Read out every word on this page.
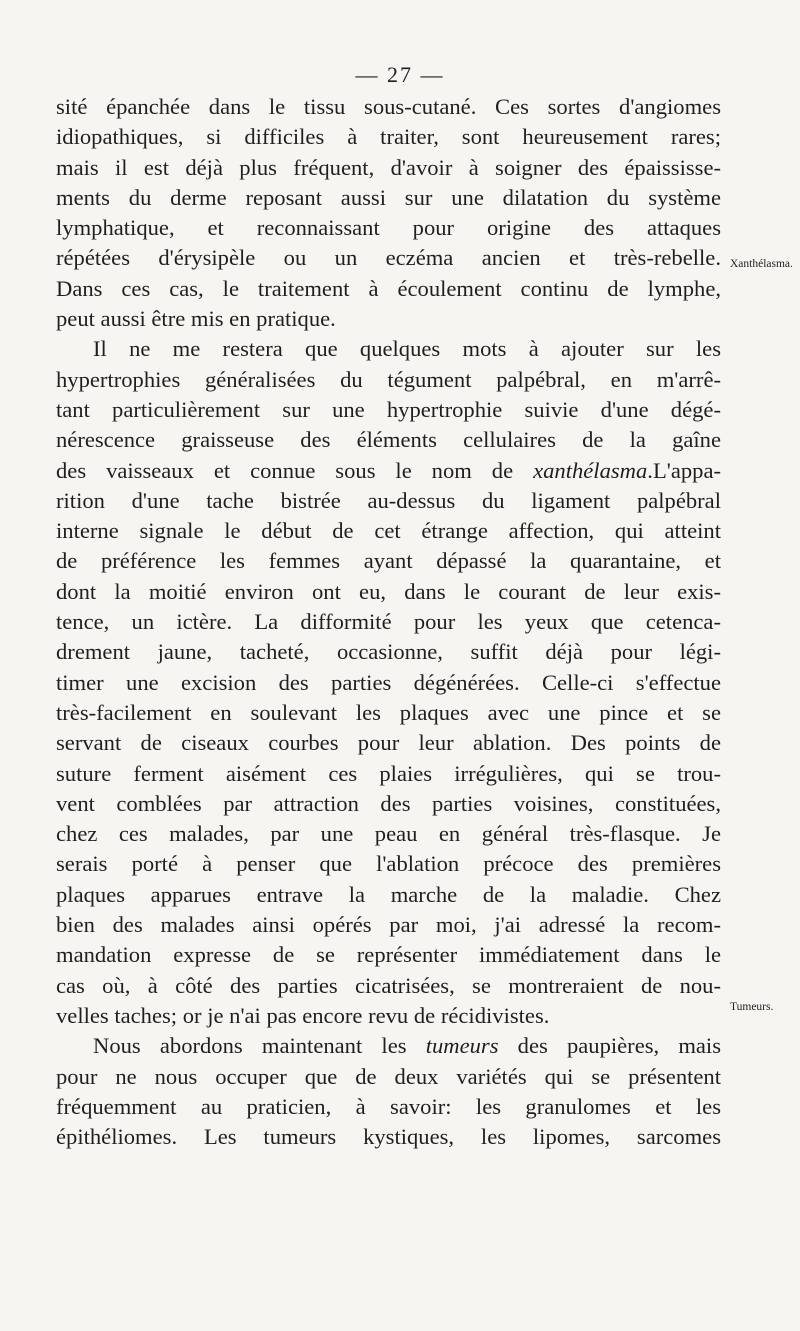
— 27 —
sité épanchée dans le tissu sous-cutané. Ces sortes d'angiomes
idiopathiques, si difficiles à traiter, sont heureusement rares;
mais il est déjà plus fréquent, d'avoir à soigner des épaississe-
ments du derme reposant aussi sur une dilatation du système
lymphatique, et reconnaissant pour origine des attaques
répétées d'érysipèle ou un eczéma ancien et très-rebelle.
Dans ces cas, le traitement à écoulement continu de lymphe,
peut aussi être mis en pratique.
Il ne me restera que quelques mots à ajouter sur les
hypertrophies généralisées du tégument palpébral, en m'arrê-
tant particulièrement sur une hypertrophie suivie d'une dégé-
nérescence graisseuse des éléments cellulaires de la gaîne
des vaisseaux et connue sous le nom de xanthélasma.L'appa-
rition d'une tache bistrée au-dessus du ligament palpébral
interne signale le début de cet étrange affection, qui atteint
de préférence les femmes ayant dépassé la quarantaine, et
dont la moitié environ ont eu, dans le courant de leur exis-
tence, un ictère. La difformité pour les yeux que cetenca-
drement jaune, tacheté, occasionne, suffit déjà pour légi-
timer une excision des parties dégénérées. Celle-ci s'effectue
très-facilement en soulevant les plaques avec une pince et se
servant de ciseaux courbes pour leur ablation. Des points de
suture ferment aisément ces plaies irrégulières, qui se trou-
vent comblées par attraction des parties voisines, constituées,
chez ces malades, par une peau en général très-flasque. Je
serais porté à penser que l'ablation précoce des premières
plaques apparues entrave la marche de la maladie. Chez
bien des malades ainsi opérés par moi, j'ai adressé la recom-
mandation expresse de se représenter immédiatement dans le
cas où, à côté des parties cicatrisées, se montreraient de nou-
velles taches; or je n'ai pas encore revu de récidivistes.
Nous abordons maintenant les tumeurs des paupières, mais
pour ne nous occuper que de deux variétés qui se présentent
fréquemment au praticien, à savoir: les granulomes et les
épithéliomes. Les tumeurs kystiques, les lipomes, sarcomes
Xanthélasma.
Tumeurs.
